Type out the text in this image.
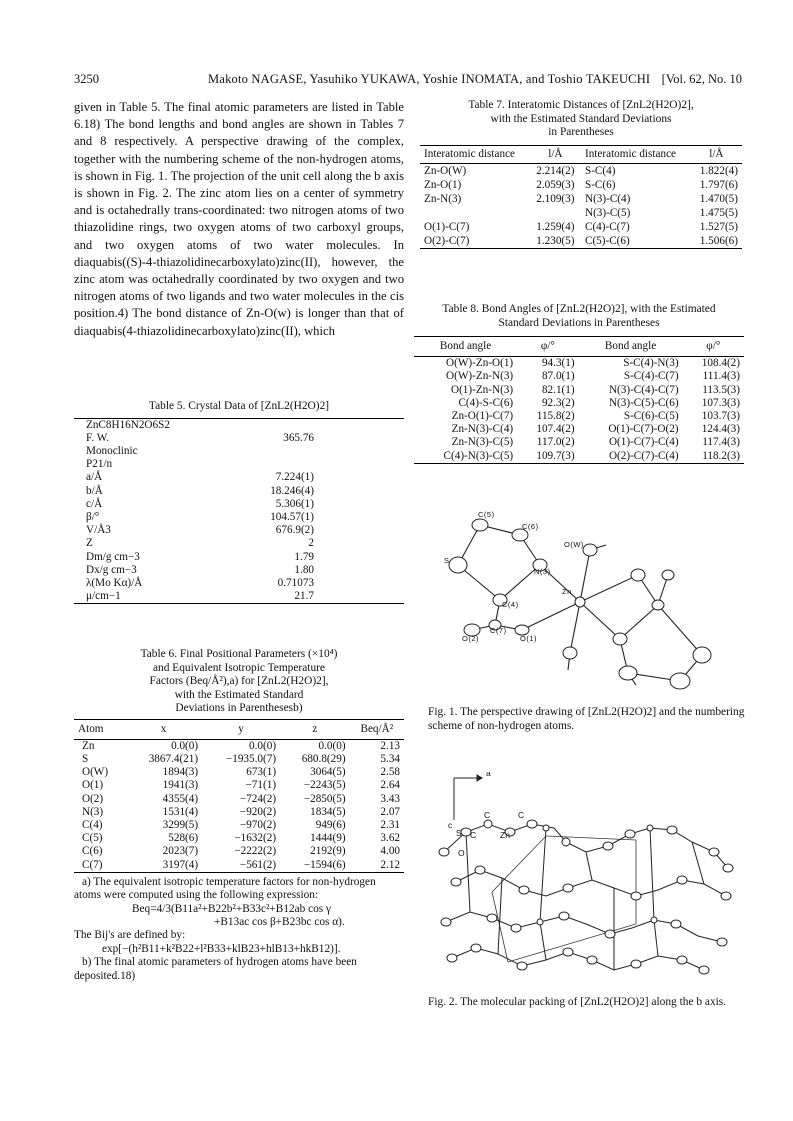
3250	Makoto NAGASE, Yasuhiko YUKAWA, Yoshie INOMATA, and Toshio TAKEUCHI [Vol. 62, No. 10

given in Table 5. The final atomic parameters are listed in Table 6.18) The bond lengths and bond angles are shown in Tables 7 and 8 respectively. A perspective drawing of the complex, together with the numbering scheme of the non-hydrogen atoms, is shown in Fig. 1. The projection of the unit cell along the b axis is shown in Fig. 2. The zinc atom lies on a center of symmetry and is octahedrally trans-coordinated: two nitrogen atoms of two thiazolidine rings, two oxygen atoms of two carboxyl groups, and two oxygen atoms of two water molecules. In diaquabis((S)-4-thiazolidinecarboxylato)zinc(II), however, the zinc atom was octahedrally coordinated by two oxygen and two nitrogen atoms of two ligands and two water molecules in the cis position.4) The bond distance of Zn-O(w) is longer than that of diaquabis(4-thiazolidinecarboxylato)zinc(II), which

Table 5. Crystal Data of [ZnL2(H2O)2]
ZnC8H16N2O6S2	
F. W.	365.76
Monoclinic	
P21/n	
a/Å	7.224(1)
b/Å	18.246(4)
c/Å	5.306(1)
β/°	104.57(1)
V/Å3	676.9(2)
Z	2
Dm/g cm−3	1.79
Dx/g cm−3	1.80
λ(Mo Kα)/Å	0.71073
μ/cm−1	21.7
Table 6. Final Positional Parameters (×10⁴)
and Equivalent Isotropic Temperature
Factors (Beq/Å²),a) for [ZnL2(H2O)2],
with the Estimated Standard
Deviations in Parenthesesb)
Atom	x	y	z	Beq/Å²
Zn	0.0(0)	0.0(0)	0.0(0)	2.13
S	3867.4(21)	−1935.0(7)	680.8(29)	5.34
O(W)	1894(3)	673(1)	3064(5)	2.58
O(1)	1941(3)	−71(1)	−2243(5)	2.64
O(2)	4355(4)	−724(2)	−2850(5)	3.43
N(3)	1531(4)	−920(2)	1834(5)	2.07
C(4)	3299(5)	−970(2)	949(6)	2.31
C(5)	528(6)	−1632(2)	1444(9)	3.62
C(6)	2023(7)	−2222(2)	2192(9)	4.00
C(7)	3197(4)	−561(2)	−1594(6)	2.12
a) The equivalent isotropic temperature factors for non-hydrogen atoms were computed using the following expression:
Beq=4/3(B11a²+B22b²+B33c²+B12ab cos γ
+B13ac cos β+B23bc cos α).
The Bij's are defined by:
exp[−(h²B11+k²B22+l²B33+klB23+hlB13+hkB12)].
b) The final atomic parameters of hydrogen atoms have been deposited.18)
Table 7. Interatomic Distances of [ZnL2(H2O)2],
with the Estimated Standard Deviations
in Parentheses
Interatomic distance	l/Å	Interatomic distance	l/Å
Zn-O(W)	2.214(2)	S-C(4)	1.822(4)
Zn-O(1)	2.059(3)	S-C(6)	1.797(6)
Zn-N(3)	2.109(3)	N(3)-C(4)	1.470(5)
		N(3)-C(5)	1.475(5)
O(1)-C(7)	1.259(4)	C(4)-C(7)	1.527(5)
O(2)-C(7)	1.230(5)	C(5)-C(6)	1.506(6)
Table 8. Bond Angles of [ZnL2(H2O)2], with the Estimated
Standard Deviations in Parentheses
Bond angle	φ/°	Bond angle	φ/°
O(W)-Zn-O(1)	94.3(1)	S-C(4)-N(3)	108.4(2)
O(W)-Zn-N(3)	87.0(1)	S-C(4)-C(7)	111.4(3)
O(1)-Zn-N(3)	82.1(1)	N(3)-C(4)-C(7)	113.5(3)
C(4)-S-C(6)	92.3(2)	N(3)-C(5)-C(6)	107.3(3)
Zn-O(1)-C(7)	115.8(2)	S-C(6)-C(5)	103.7(3)
Zn-N(3)-C(4)	107.4(2)	O(1)-C(7)-O(2)	124.4(3)
Zn-N(3)-C(5)	117.0(2)	O(1)-C(7)-C(4)	117.4(3)
C(4)-N(3)-C(5)	109.7(3)	O(2)-C(7)-C(4)	118.2(3)
C(5)
C(6)
O(W)
S
N(3)
Zn
C(4)
C(7)
O(2)	O(1)
Fig. 1. The perspective drawing of [ZnL2(H2O)2] and the numbering scheme of non-hydrogen atoms.
a
c
S C
C
Zn
C
O
Fig. 2. The molecular packing of [ZnL2(H2O)2] along the b axis.
